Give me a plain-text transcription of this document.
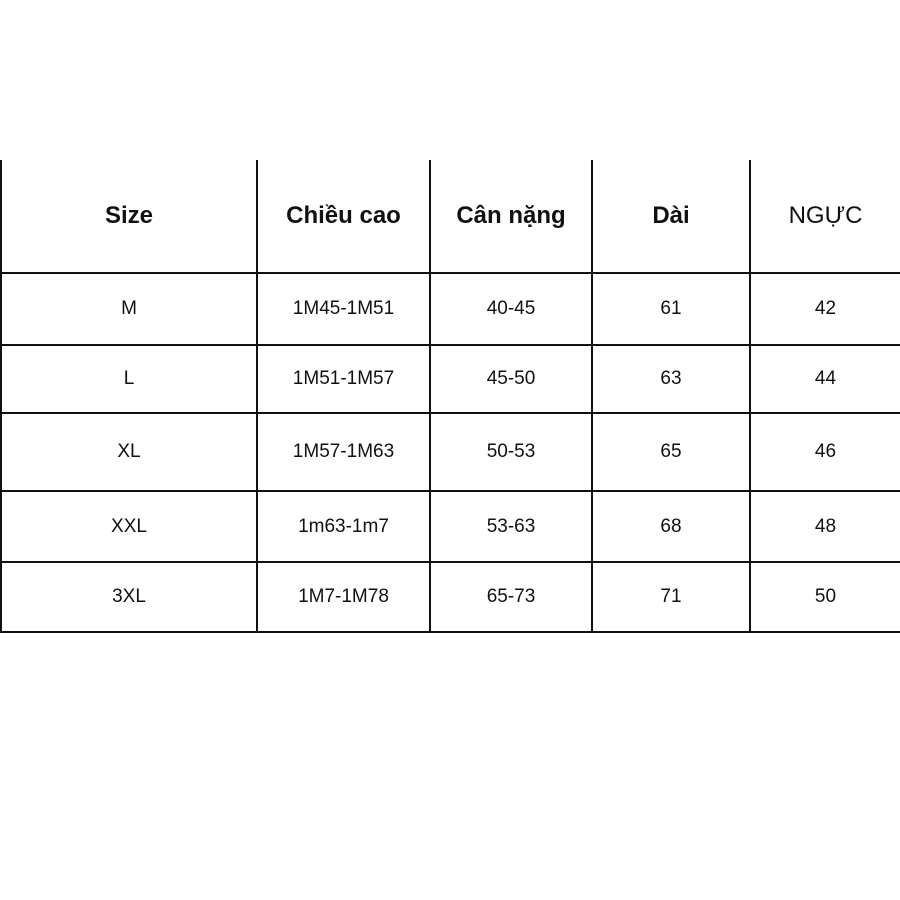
Size	Chiều cao	Cân nặng	Dài	NGỰC
M	1M45-1M51	40-45	61	42
L	1M51-1M57	45-50	63	44
XL	1M57-1M63	50-53	65	46
XXL	1m63-1m7	53-63	68	48
3XL	1M7-1M78	65-73	71	50
